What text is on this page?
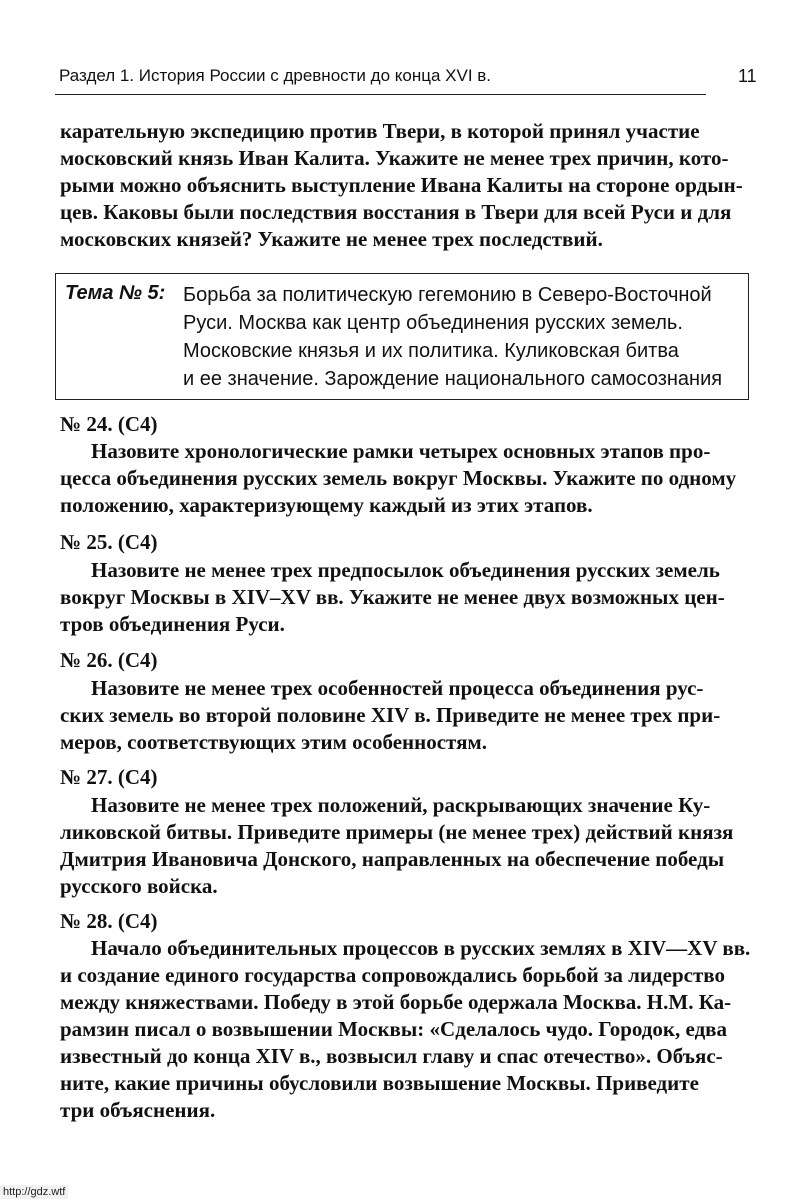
Раздел 1. История России с древности до конца XVI в.	11
карательную экспедицию против Твери, в которой принял участие
московский князь Иван Калита. Укажите не менее трех причин, кото-
рыми можно объяснить выступление Ивана Калиты на стороне ордын-
цев. Каковы были последствия восстания в Твери для всей Руси и для
московских князей? Укажите не менее трех последствий.
Тема № 5: Борьба за политическую гегемонию в Северо-Восточной
Руси. Москва как центр объединения русских земель.
Московские князья и их политика. Куликовская битва
и ее значение. Зарождение национального самосознания
№ 24. (С4)
Назовите хронологические рамки четырех основных этапов про-
цесса объединения русских земель вокруг Москвы. Укажите по одному
положению, характеризующему каждый из этих этапов.
№ 25. (С4)
Назовите не менее трех предпосылок объединения русских земель
вокруг Москвы в XIV–XV вв. Укажите не менее двух возможных цен-
тров объединения Руси.
№ 26. (С4)
Назовите не менее трех особенностей процесса объединения рус-
ских земель во второй половине XIV в. Приведите не менее трех при-
меров, соответствующих этим особенностям.
№ 27. (С4)
Назовите не менее трех положений, раскрывающих значение Ку-
ликовской битвы. Приведите примеры (не менее трех) действий князя
Дмитрия Ивановича Донского, направленных на обеспечение победы
русского войска.
№ 28. (С4)
Начало объединительных процессов в русских землях в XIV—XV вв.
и создание единого государства сопровождались борьбой за лидерство
между княжествами. Победу в этой борьбе одержала Москва. Н.М. Ка-
рамзин писал о возвышении Москвы: «Сделалось чудо. Городок, едва
известный до конца XIV в., возвысил главу и спас отечество». Объяс-
ните, какие причины обусловили возвышение Москвы. Приведите
три объяснения.
http://gdz.wtf
